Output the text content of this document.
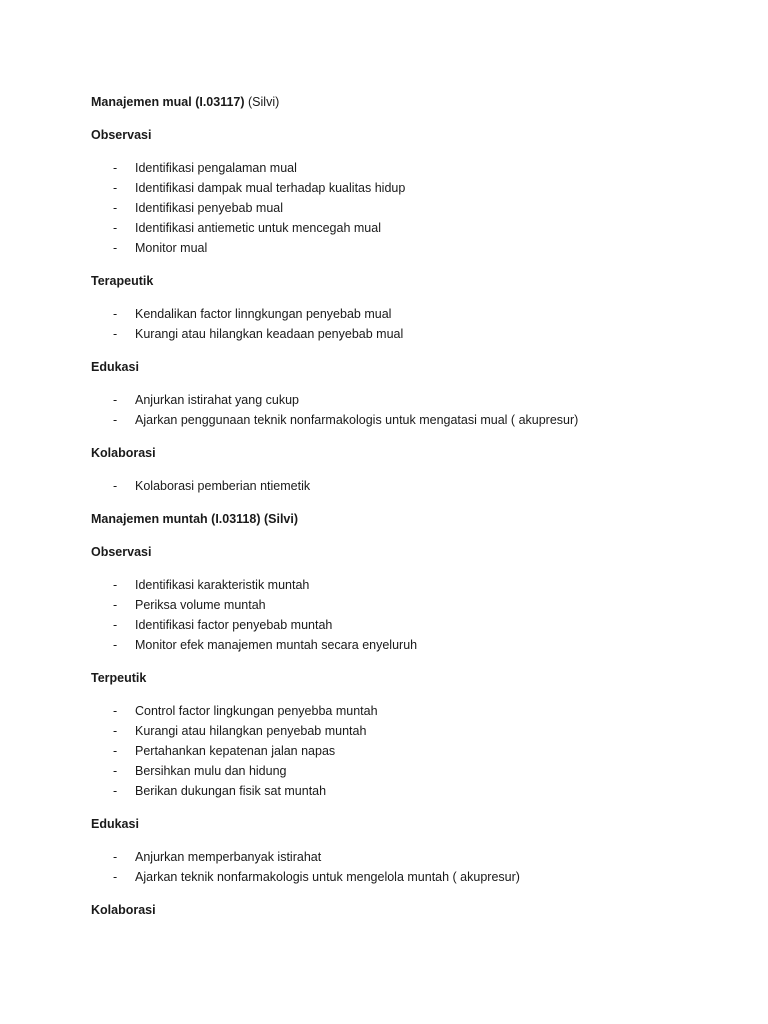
Manajemen mual (I.03117) (Silvi)
Observasi
- Identifikasi pengalaman mual
- Identifikasi dampak mual terhadap kualitas hidup
- Identifikasi penyebab mual
- Identifikasi antiemetic untuk mencegah mual
- Monitor mual
Terapeutik
- Kendalikan factor linngkungan penyebab mual
- Kurangi atau hilangkan keadaan penyebab mual
Edukasi
- Anjurkan istirahat yang cukup
- Ajarkan penggunaan teknik nonfarmakologis untuk mengatasi mual ( akupresur)
Kolaborasi
- Kolaborasi pemberian ntiemetik
Manajemen muntah (I.03118) (Silvi)
Observasi
- Identifikasi karakteristik muntah
- Periksa volume muntah
- Identifikasi factor penyebab muntah
- Monitor efek manajemen muntah secara enyeluruh
Terpeutik
- Control factor lingkungan penyebba muntah
- Kurangi atau hilangkan penyebab muntah
- Pertahankan kepatenan jalan napas
- Bersihkan mulu dan hidung
- Berikan dukungan fisik sat muntah
Edukasi
- Anjurkan memperbanyak istirahat
- Ajarkan teknik nonfarmakologis untuk mengelola muntah ( akupresur)
Kolaborasi
